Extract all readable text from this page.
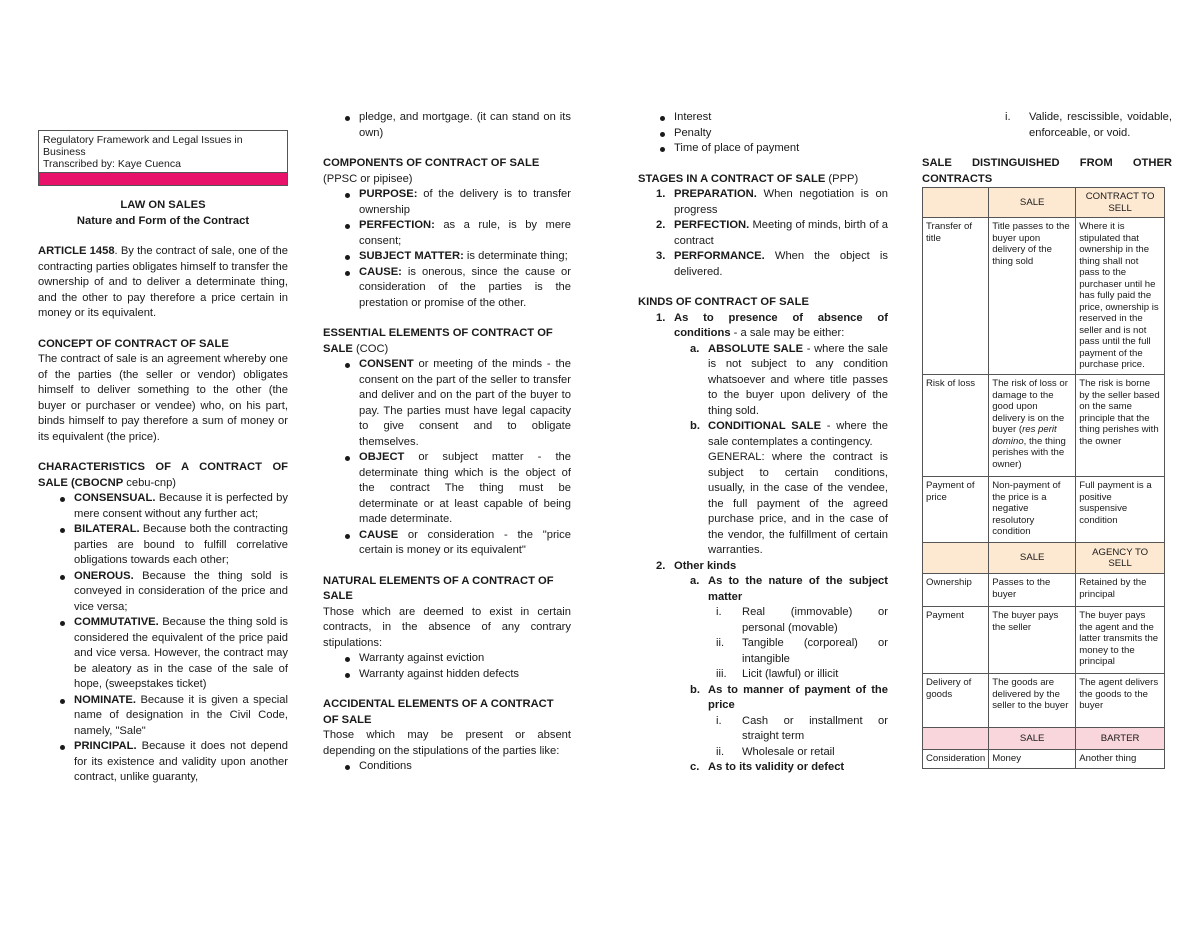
Regulatory Framework and Legal Issues in Business
Transcribed by: Kaye Cuenca

LAW ON SALES

Nature and Form of the Contract

ARTICLE 1458. By the contract of sale, one of the contracting parties obligates himself to transfer the ownership of and to deliver a determinate thing, and the other to pay therefore a price certain in money or its equivalent.

CONCEPT OF CONTRACT OF SALE

The contract of sale is an agreement whereby one of the parties (the seller or vendor) obligates himself to deliver something to the other (the buyer or purchaser or vendee) who, on his part, binds himself to pay therefore a sum of money or its equivalent (the price).

CHARACTERISTICS OF A CONTRACT OF SALE (CBOCNP cebu-cnp)

CONSENSUAL. Because it is perfected by mere consent without any further act;
BILATERAL. Because both the contracting parties are bound to fulfill correlative obligations towards each other;
ONEROUS. Because the thing sold is conveyed in consideration of the price and vice versa;
COMMUTATIVE. Because the thing sold is considered the equivalent of the price paid and vice versa. However, the contract may be aleatory as in the case of the sale of hope, (sweepstakes ticket)
NOMINATE. Because it is given a special name of designation in the Civil Code, namely, "Sale"
PRINCIPAL. Because it does not depend for its existence and validity upon another contract, unlike guaranty,
pledge, and mortgage. (it can stand on its own)

COMPONENTS OF CONTRACT OF SALE

(PPSC or pipisee)

PURPOSE: of the delivery is to transfer ownership
PERFECTION: as a rule, is by mere consent;
SUBJECT MATTER: is determinate thing;
CAUSE: is onerous, since the cause or consideration of the parties is the prestation or promise of the other.

ESSENTIAL ELEMENTS OF CONTRACT OF SALE (COC)

CONSENT or meeting of the minds - the consent on the part of the seller to transfer and deliver and on the part of the buyer to pay. The parties must have legal capacity to give consent and to obligate themselves.
OBJECT or subject matter - the determinate thing which is the object of the contract The thing must be determinate or at least capable of being made determinate.
CAUSE or consideration - the "price certain is money or its equivalent"

NATURAL ELEMENTS OF A CONTRACT OF SALE

Those which are deemed to exist in certain contracts, in the absence of any contrary stipulations:

Warranty against eviction
Warranty against hidden defects

ACCIDENTAL ELEMENTS OF A CONTRACT OF SALE

Those which may be present or absent depending on the stipulations of the parties like:

Conditions
Interest
Penalty
Time of place of payment

STAGES IN A CONTRACT OF SALE (PPP)

1. PREPARATION. When negotiation is on progress
2. PERFECTION. Meeting of minds, birth of a contract
3. PERFORMANCE. When the object is delivered.

KINDS OF CONTRACT OF SALE

1. As to presence of absence of conditions - a sale may be either:
a. ABSOLUTE SALE - where the sale is not subject to any condition whatsoever and where title passes to the buyer upon delivery of the thing sold.
b. CONDITIONAL SALE - where the sale contemplates a contingency.

GENERAL: where the contract is subject to certain conditions, usually, in the case of the vendee, the full payment of the agreed purchase price, and in the case of the vendor, the fulfillment of certain warranties.

2. Other kinds
a. As to the nature of the subject matter
i. Real (immovable) or personal (movable)
ii. Tangible (corporeal) or intangible
iii. Licit (lawful) or illicit
b. As to manner of payment of the price
i. Cash or installment or straight term
ii. Wholesale or retail
c. As to its validity or defect
i. Valide, rescissible, voidable, enforceable, or void.

SALE DISTINGUISHED FROM OTHER CONTRACTS

	SALE	CONTRACT TO SELL
Transfer of title	Title passes to the buyer upon delivery of the thing sold	Where it is stipulated that ownership in the thing shall not pass to the purchaser until he has fully paid the price, ownership is reserved in the seller and is not pass until the full payment of the purchase price.
Risk of loss	The risk of loss or damage to the good upon delivery is on the buyer (res perit domino, the thing perishes with the owner)	The risk is borne by the seller based on the same principle that the thing perishes with the owner
Payment of price	Non-payment of the price is a negative resolutory condition	Full payment is a positive suspensive condition
	SALE	AGENCY TO SELL
Ownership	Passes to the buyer	Retained by the principal
Payment	The buyer pays the seller	The buyer pays the agent and the latter transmits the money to the principal
Delivery of goods	The goods are delivered by the seller to the buyer	The agent delivers the goods to the buyer
	SALE	BARTER
Consideration	Money	Another thing
